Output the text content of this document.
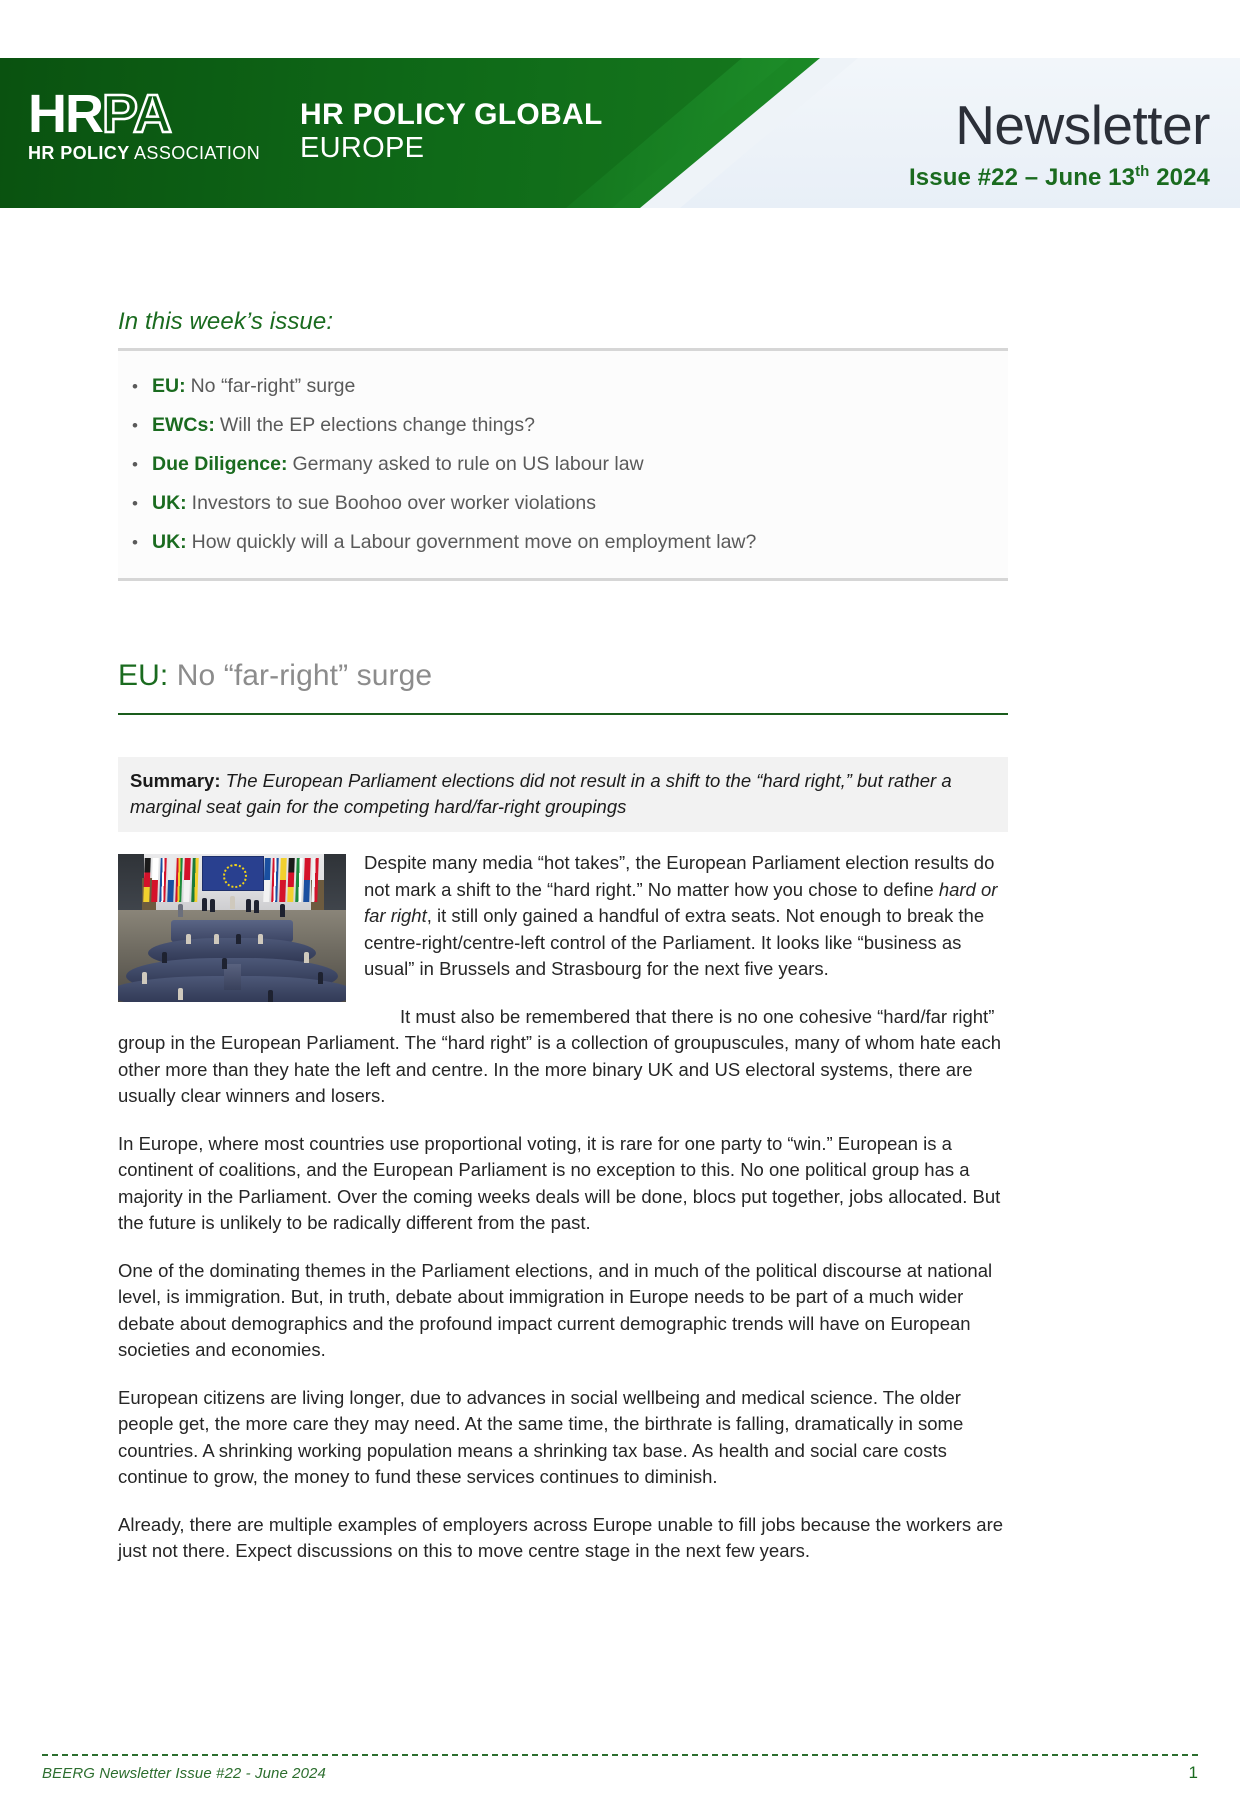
HR PA
HR POLICY ASSOCIATION
HR POLICY GLOBAL
EUROPE	Newsletter
Issue #22 – June 13th 2024
In this week’s issue:
• EU: No “far-right” surge
• EWCs: Will the EP elections change things?
• Due Diligence: Germany asked to rule on US labour law
• UK: Investors to sue Boohoo over worker violations
• UK: How quickly will a Labour government move on employment law?
EU: No “far-right” surge
Summary: The European Parliament elections did not result in a shift to the “hard right,” but rather a marginal seat gain for the competing hard/far-right groupings

Despite many media “hot takes”, the European Parliament election results do not mark a shift to the “hard right.” No matter how you chose to define hard or far right, it still only gained a handful of extra seats. Not enough to break the centre-right/centre-left control of the Parliament. It looks like “business as usual” in Brussels and Strasbourg for the next five years.

It must also be remembered that there is no one cohesive “hard/far right” group in the European Parliament. The “hard right” is a collection of groupuscules, many of whom hate each other more than they hate the left and centre. In the more binary UK and US electoral systems, there are usually clear winners and losers.

In Europe, where most countries use proportional voting, it is rare for one party to “win.” European is a continent of coalitions, and the European Parliament is no exception to this. No one political group has a majority in the Parliament. Over the coming weeks deals will be done, blocs put together, jobs allocated. But the future is unlikely to be radically different from the past.

One of the dominating themes in the Parliament elections, and in much of the political discourse at national level, is immigration. But, in truth, debate about immigration in Europe needs to be part of a much wider debate about demographics and the profound impact current demographic trends will have on European societies and economies.

European citizens are living longer, due to advances in social wellbeing and medical science. The older people get, the more care they may need. At the same time, the birthrate is falling, dramatically in some countries. A shrinking working population means a shrinking tax base. As health and social care costs continue to grow, the money to fund these services continues to diminish.

Already, there are multiple examples of employers across Europe unable to fill jobs because the workers are just not there. Expect discussions on this to move centre stage in the next few years.

BEERG Newsletter Issue #22 - June 2024	1
